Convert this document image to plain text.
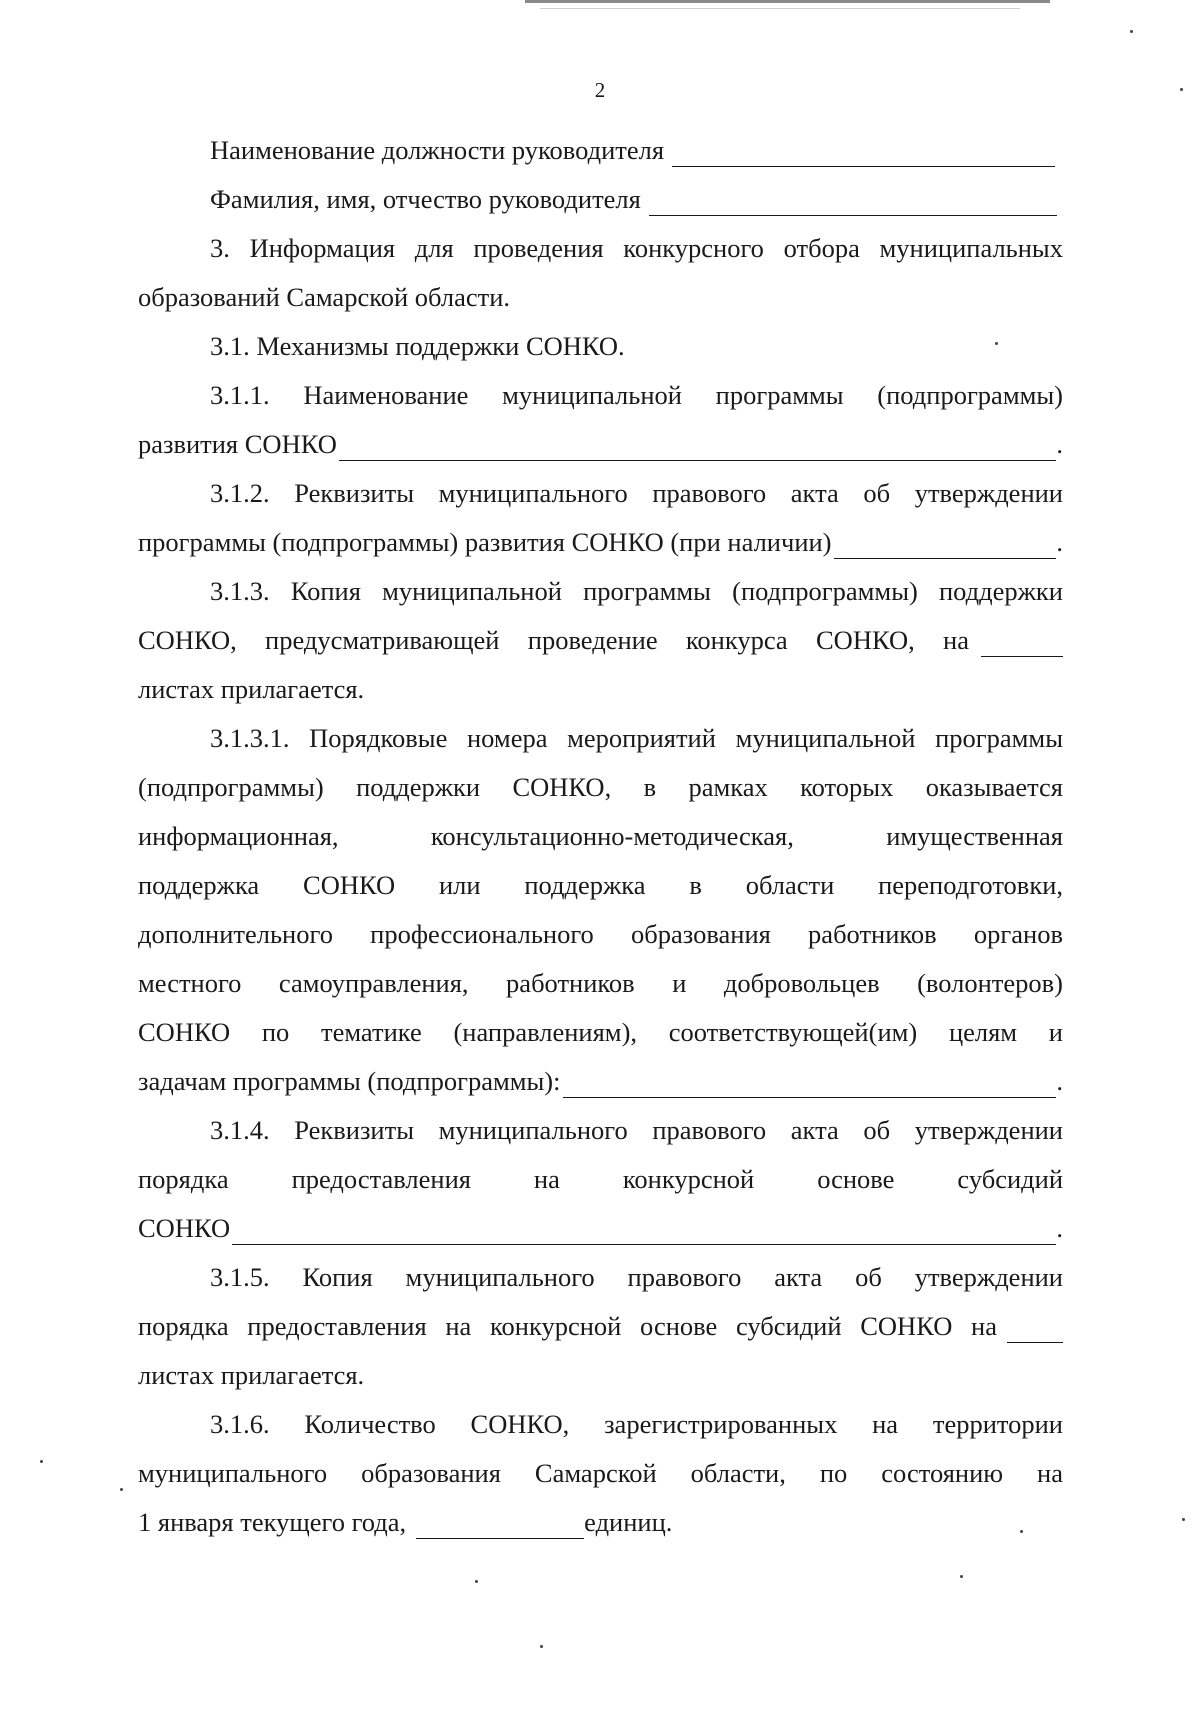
2
Наименование должности руководителя
Фамилия, имя, отчество руководителя
3. Информация для проведения конкурсного отбора муниципальных
образований Самарской области.
3.1. Механизмы поддержки СОНКО.
3.1.1. Наименование муниципальной программы (подпрограммы)
развития СОНКО	.
3.1.2. Реквизиты муниципального правового акта об утверждении
программы (подпрограммы) развития СОНКО (при наличии)	.
3.1.3. Копия муниципальной программы (подпрограммы) поддержки
СОНКО, предусматривающей проведение конкурса СОНКО, на
листах прилагается.
3.1.3.1. Порядковые номера мероприятий муниципальной программы
(подпрограммы) поддержки СОНКО, в рамках которых оказывается
информационная, консультационно-методическая, имущественная
поддержка СОНКО или поддержка в области переподготовки,
дополнительного профессионального образования работников органов
местного самоуправления, работников и добровольцев (волонтеров)
СОНКО по тематике (направлениям), соответствующей(им) целям и
задачам программы (подпрограммы):	.
3.1.4. Реквизиты муниципального правового акта об утверждении
порядка предоставления на конкурсной основе субсидий
СОНКО	.
3.1.5. Копия муниципального правового акта об утверждении
порядка предоставления на конкурсной основе субсидий СОНКО на
листах прилагается.
3.1.6. Количество СОНКО, зарегистрированных на территории
муниципального образования Самарской области, по состоянию на
1 января текущего года,	единиц.
